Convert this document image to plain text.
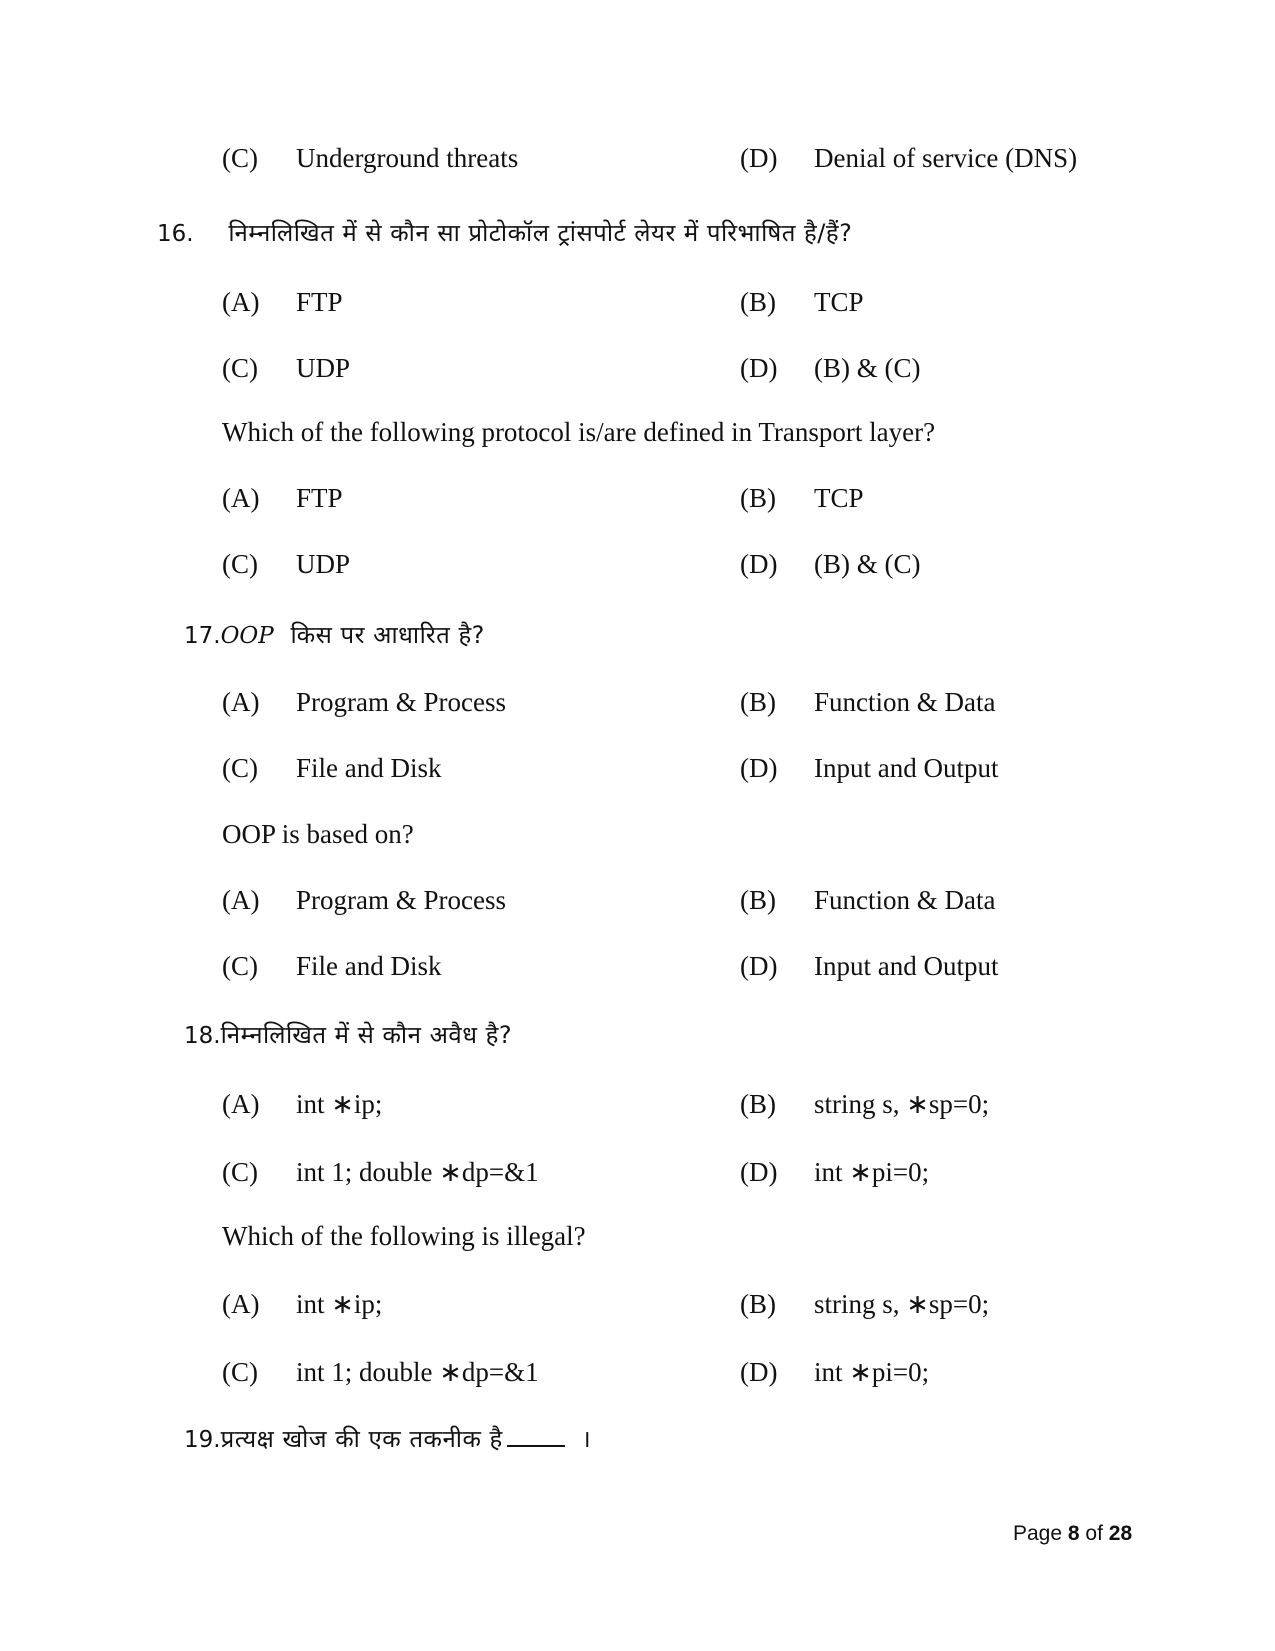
(C) Underground threats	(D) Denial of service (DNS)
16. निम्नलिखित में से कौन सा प्रोटोकॉल ट्रांसपोर्ट लेयर में परिभाषित है/हैं?
(A) FTP	(B) TCP
(C) UDP	(D) (B) & (C)
Which of the following protocol is/are defined in Transport layer?
(A) FTP	(B) TCP
(C) UDP	(D) (B) & (C)
17.OOP किस पर आधारित है?
(A) Program & Process	(B) Function & Data
(C) File and Disk	(D) Input and Output
OOP is based on?
(A) Program & Process	(B) Function & Data
(C) File and Disk	(D) Input and Output
18.निम्नलिखित में से कौन अवैध है?
(A) int ∗ip;	(B) string s, ∗sp=0;
(C) int 1; double ∗dp=&1	(D) int ∗pi=0;
Which of the following is illegal?
(A) int ∗ip;	(B) string s, ∗sp=0;
(C) int 1; double ∗dp=&1	(D) int ∗pi=0;
19.प्रत्यक्ष खोज की एक तकनीक है	।
Page 8 of 28
